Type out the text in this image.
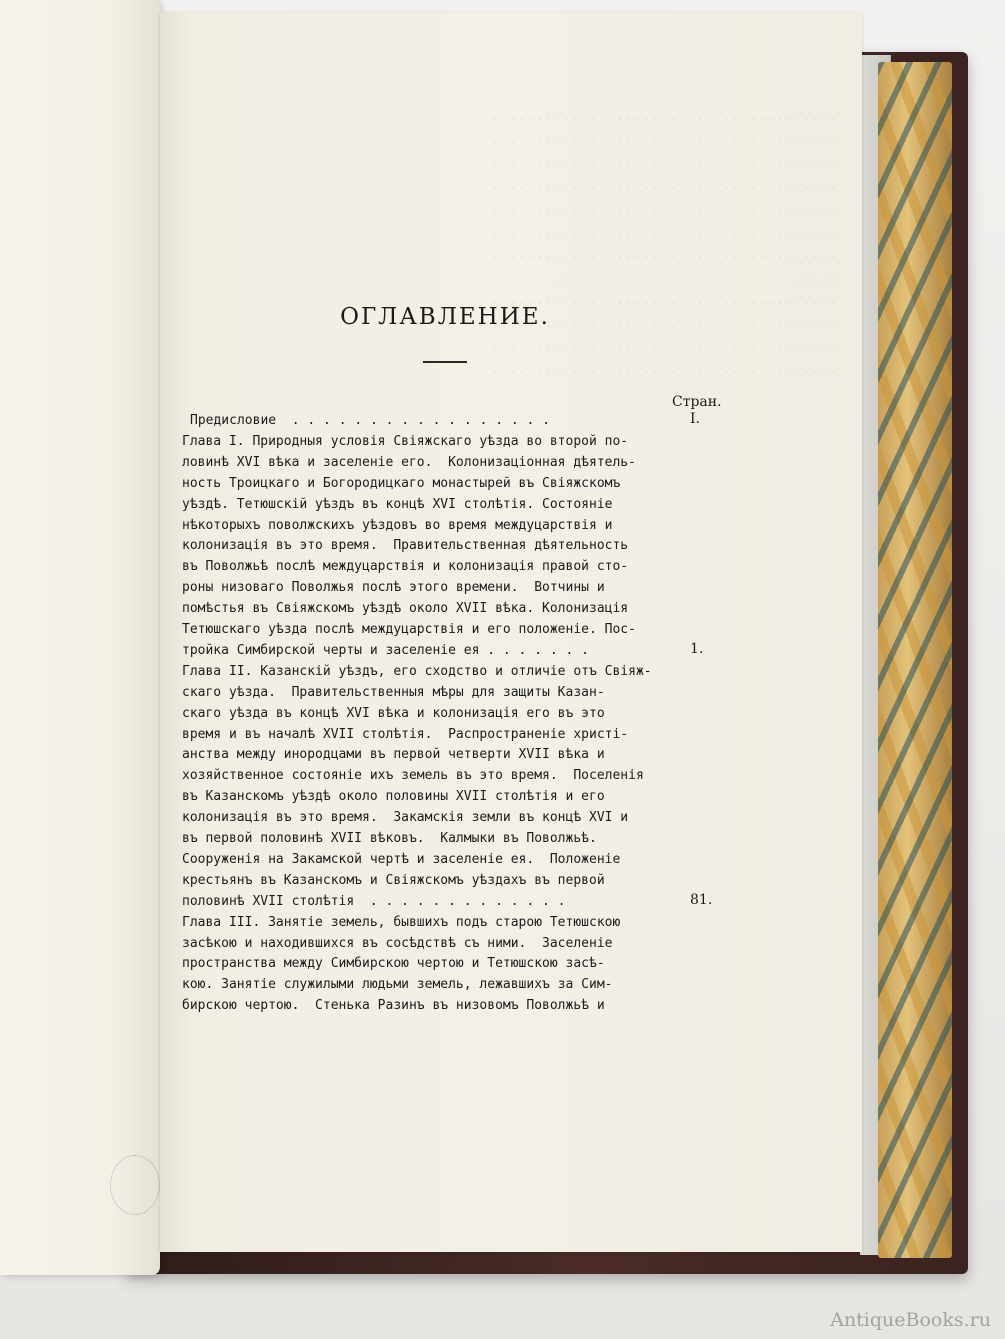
. . . . . . . . . . . . . . . . . . . . . . . . . . . . . . . . . . . . . . .
. . . . . . . . . . . . . . . . . . . . . . . . . . . . . . . . . . . . . . .
. . . . . . . . . . . . . . . . . . . . . . . . . . . . . . . . . . . . . . .
. . . . . . . . . . . . . . . . . . . . . . . . . . . . . . . . . . . . . . .
. . . . . . . . . . . . . . . . . . . . . . . . . . . . . . . . . . . . . . .
. . . . . . . . . . . . . . . . . . . . . . . . . . . . . . . . . . . . . . .
. . . . . . . . . . . . . . . . . . . . . . . . . . . . . . . . . . . . . . .
. . . . . . . . . . . . . . . . . . . . . . . . . . . . . . . . . . . . . . .
. . . . . . . . . . . . . . . . . . . . . . . . . . . . . . . . . . . . . . .
. . . . . . . . . . . . . . . . . . . . . . . . . . . . . . . . . . . . . . .
. . . . . . . . . . . . . . . . . . . . . . . . . . . . . . . . . . . . . . .
. . . . . . . . . . . . . . . . . . . . . . . . . . . . . . . . . . . . . . .

ОГЛАВЛЕНИЕ.
Стран.
Предисловие  . . . . . . . . . . . . . . . . .	I.
Глава I. Природныя условія Свіяжскаго уѣзда во второй по-
ловинѣ XVI вѣка и заселеніе его.  Колонизаціонная дѣятель-
ность Троицкаго и Богородицкаго монастырей въ Свіяжскомъ
уѣздѣ. Тетюшскій уѣздъ въ концѣ XVI столѣтія. Состояніе
нѣкоторыхъ поволжскихъ уѣздовъ во время междуцарствія и
колонизація въ это время.  Правительственная дѣятельность
въ Поволжьѣ послѣ междуцарствія и колонизація правой сто-
роны низоваго Поволжья послѣ этого времени.  Вотчины и
помѣстья въ Свіяжскомъ уѣздѣ около XVII вѣка. Колонизація
Тетюшскаго уѣзда послѣ междуцарствія и его положеніе. Пос-
тройка Симбирской черты и заселеніе ея . . . . . . .	1.
Глава II. Казанскій уѣздъ, его сходство и отличіе отъ Свіяж-
скаго уѣзда.  Правительственныя мѣры для защиты Казан-
скаго уѣзда въ концѣ XVI вѣка и колонизація его въ это
время и въ началѣ XVII столѣтія.  Распространеніе христі-
анства между инородцами въ первой четверти XVII вѣка и
хозяйственное состояніе ихъ земель въ это время.  Поселенія
въ Казанскомъ уѣздѣ около половины XVII столѣтія и его
колонизація въ это время.  Закамскія земли въ концѣ XVI и
въ первой половинѣ XVII вѣковъ.  Калмыки въ Поволжьѣ.
Сооруженія на Закамской чертѣ и заселеніе ея.  Положеніе
крестьянъ въ Казанскомъ и Свіяжскомъ уѣздахъ въ первой
половинѣ XVII столѣтія  . . . . . . . . . . . . .	81.
Глава III. Занятіе земель, бывшихъ подъ старою Тетюшскою
засѣкою и находившихся въ сосѣдствѣ съ ними.  Заселеніе
пространства между Симбирскою чертою и Тетюшскою засѣ-
кою. Занятіе служилыми людьми земель, лежавшихъ за Сим-
бирскою чертою.  Стенька Разинъ въ низовомъ Поволжьѣ и
AntiqueBooks.ru
